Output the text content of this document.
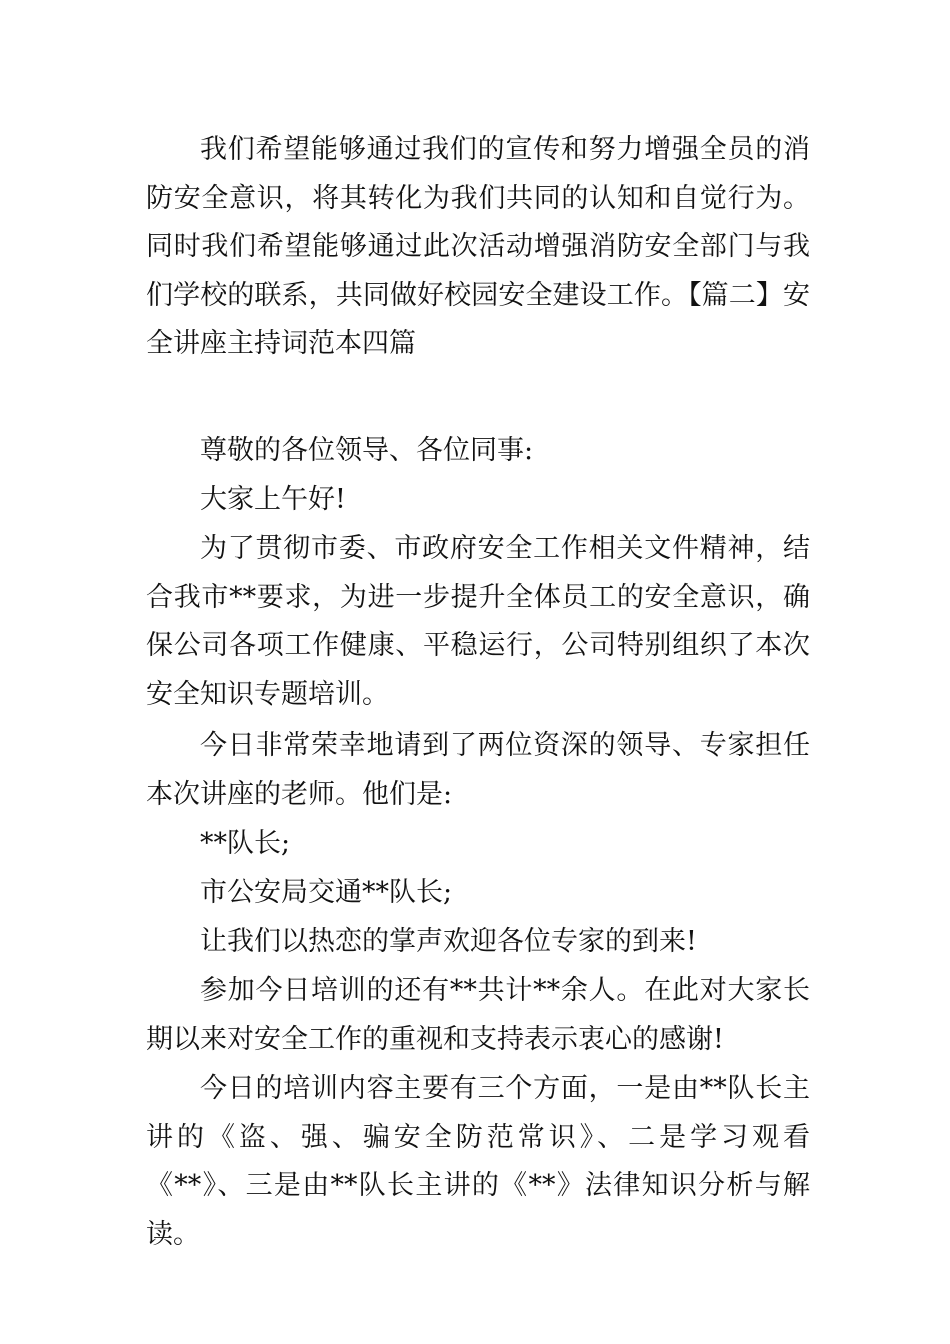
我们希望能够通过我们的宣传和努力增强全员的消防安全意识，将其转化为我们共同的认知和自觉行为。同时我们希望能够通过此次活动增强消防安全部门与我们学校的联系，共同做好校园安全建设工作。【篇二】安全讲座主持词范本四篇

尊敬的各位领导、各位同事:

大家上午好!

为了贯彻市委、市政府安全工作相关文件精神，结合我市**要求，为进一步提升全体员工的安全意识，确保公司各项工作健康、平稳运行，公司特别组织了本次安全知识专题培训。

今日非常荣幸地请到了两位资深的领导、专家担任本次讲座的老师。他们是:

**队长;

市公安局交通**队长;

让我们以热恋的掌声欢迎各位专家的到来!

参加今日培训的还有**共计**余人。在此对大家长期以来对安全工作的重视和支持表示衷心的感谢!

今日的培训内容主要有三个方面，一是由**队长主讲的《盗、强、骗安全防范常识》、二是学习观看《**》、三是由**队长主讲的《**》法律知识分析与解读。
